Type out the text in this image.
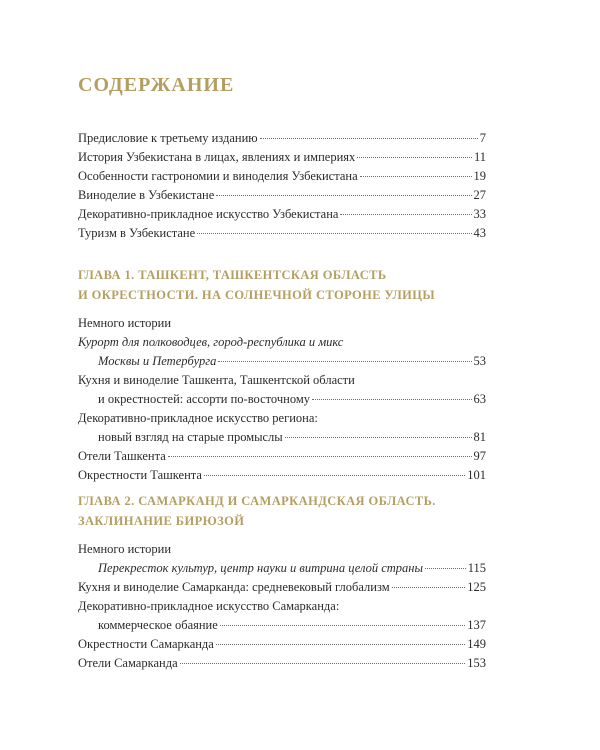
СОДЕРЖАНИЕ
Предисловие к третьему изданию	7
История Узбекистана в лицах, явлениях и империях	11
Особенности гастрономии и виноделия Узбекистана	19
Виноделие в Узбекистане	27
Декоративно-прикладное искусство Узбекистана	33
Туризм в Узбекистане	43
ГЛАВА 1. ТАШКЕНТ, ТАШКЕНТСКАЯ ОБЛАСТЬ
И ОКРЕСТНОСТИ. НА СОЛНЕЧНОЙ СТОРОНЕ УЛИЦЫ
Немного истории
Курорт для полководцев, город-республика и микс
Москвы и Петербурга	53
Кухня и виноделие Ташкента, Ташкентской области
и окрестностей: ассорти по-восточному	63
Декоративно-прикладное искусство региона:
новый взгляд на старые промыслы	81
Отели Ташкента	97
Окрестности Ташкента	101
ГЛАВА 2. САМАРКАНД И САМАРКАНДСКАЯ ОБЛАСТЬ.
ЗАКЛИНАНИЕ БИРЮЗОЙ
Немного истории
Перекресток культур, центр науки и витрина целой страны	115
Кухня и виноделие Самарканда: средневековый глобализм	125
Декоративно-прикладное искусство Самарканда:
коммерческое обаяние	137
Окрестности Самарканда	149
Отели Самарканда	153
